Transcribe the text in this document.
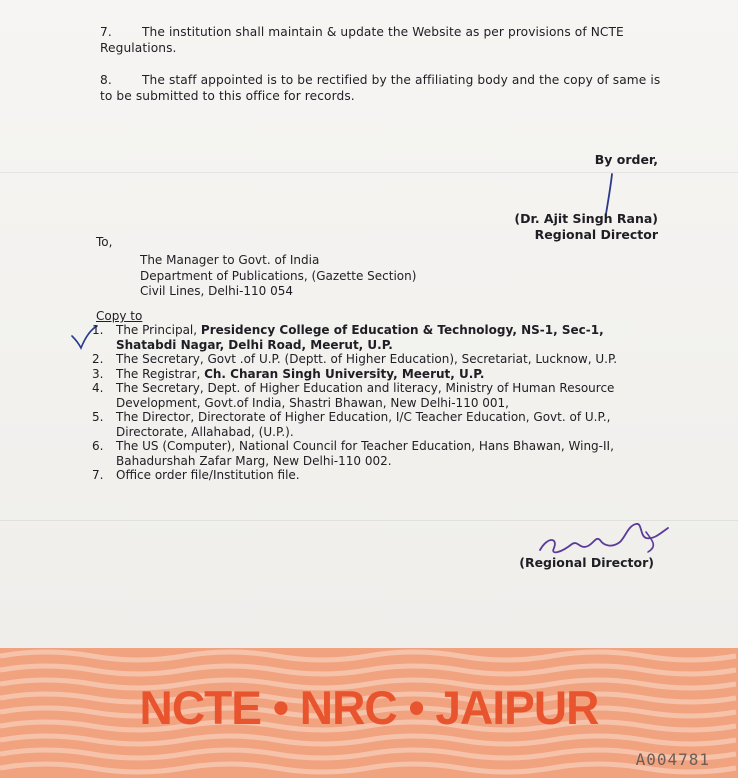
7. The institution shall maintain & update the Website as per provisions of NCTE
Regulations.
8. The staff appointed is to be rectified by the affiliating body and the copy of same is
to be submitted to this office for records.
By order,
(Dr. Ajit Singh Rana)
Regional Director
To,
The Manager to Govt. of India
Department of Publications, (Gazette Section)
Civil Lines, Delhi-110 054
Copy to
1. The Principal, Presidency College of Education & Technology, NS-1, Sec-1, Shatabdi Nagar, Delhi Road, Meerut, U.P.
2. The Secretary, Govt .of U.P. (Deptt. of Higher Education), Secretariat, Lucknow, U.P.
3. The Registrar, Ch. Charan Singh University, Meerut, U.P.
4. The Secretary, Dept. of Higher Education and literacy, Ministry of Human Resource Development, Govt.of India, Shastri Bhawan, New Delhi-110 001,
5. The Director, Directorate of Higher Education, I/C Teacher Education, Govt. of U.P., Directorate, Allahabad, (U.P.).
6. The US (Computer), National Council for Teacher Education, Hans Bhawan, Wing-II, Bahadurshah Zafar Marg, New Delhi-110 002.
7. Office order file/Institution file.
(Regional Director)
NCTE • NRC • JAIPUR
A004781
